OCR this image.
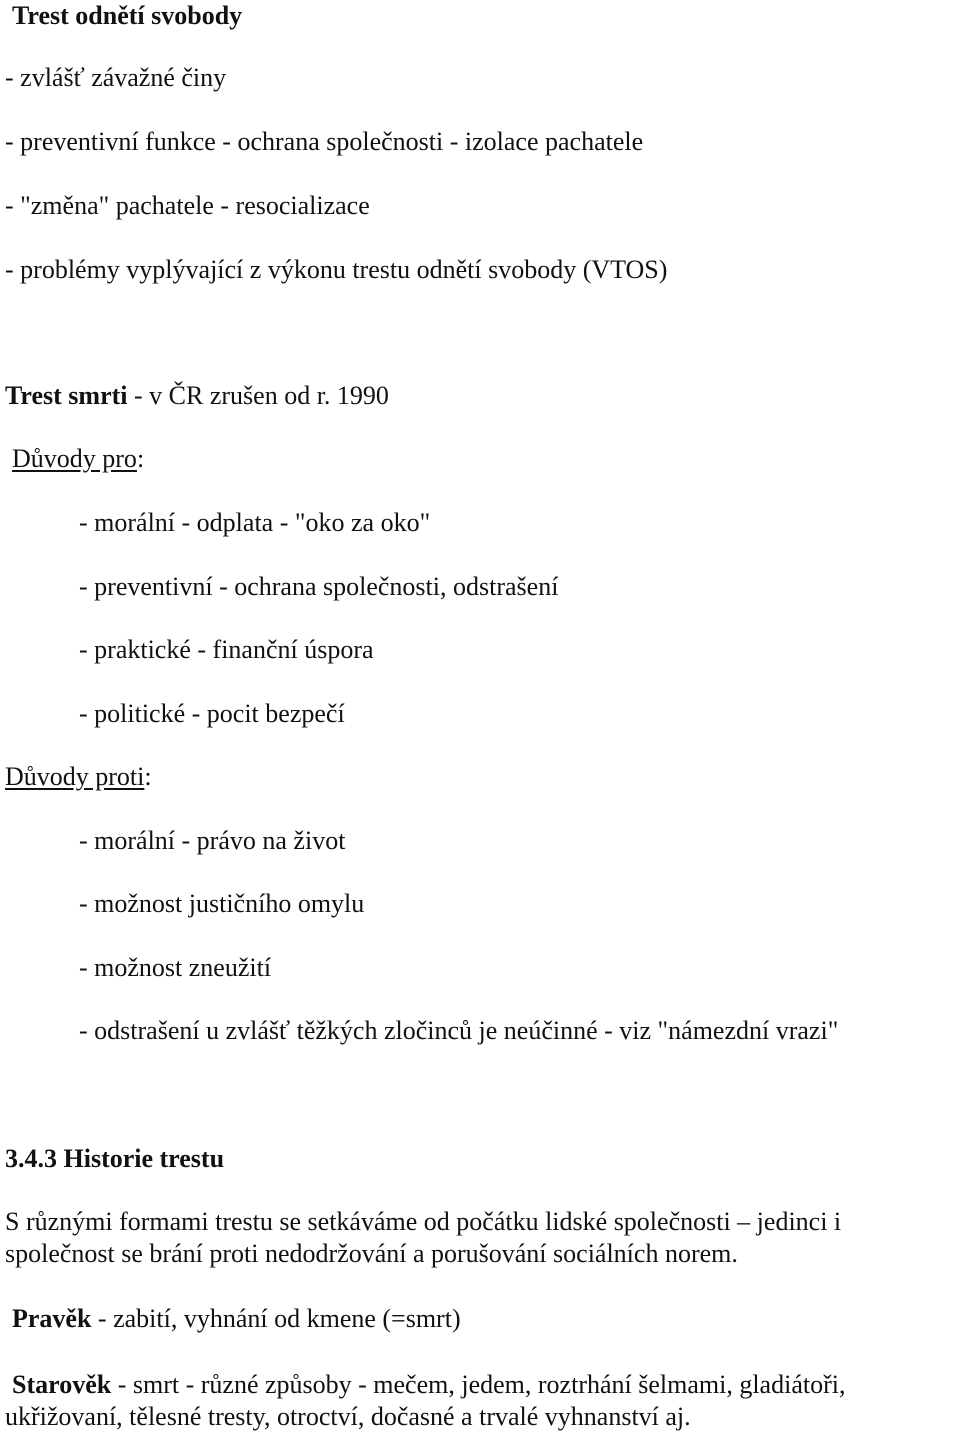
Trest odnětí svobody
- zvlášť závažné činy
- preventivní funkce - ochrana společnosti - izolace pachatele
- "změna" pachatele - resocializace
- problémy vyplývající z výkonu trestu odnětí svobody (VTOS)
Trest smrti - v ČR zrušen od r. 1990
Důvody pro:
- morální - odplata - "oko za oko"
- preventivní - ochrana společnosti, odstrašení
- praktické - finanční úspora
- politické - pocit bezpečí
Důvody proti:
- morální - právo na život
- možnost justičního omylu
- možnost zneužití
- odstrašení u zvlášť těžkých zločinců je neúčinné - viz "námezdní vrazi"
3.4.3 Historie trestu
S různými formami trestu se setkáváme od počátku lidské společnosti – jedinci i společnost se brání proti nedodržování a porušování sociálních norem.
Pravěk - zabití, vyhnání od kmene (=smrt)
Starověk - smrt - různé způsoby - mečem, jedem, roztrhání šelmami, gladiátoři, ukřižovaní, tělesné tresty, otroctví, dočasné a trvalé vyhnanství aj.
